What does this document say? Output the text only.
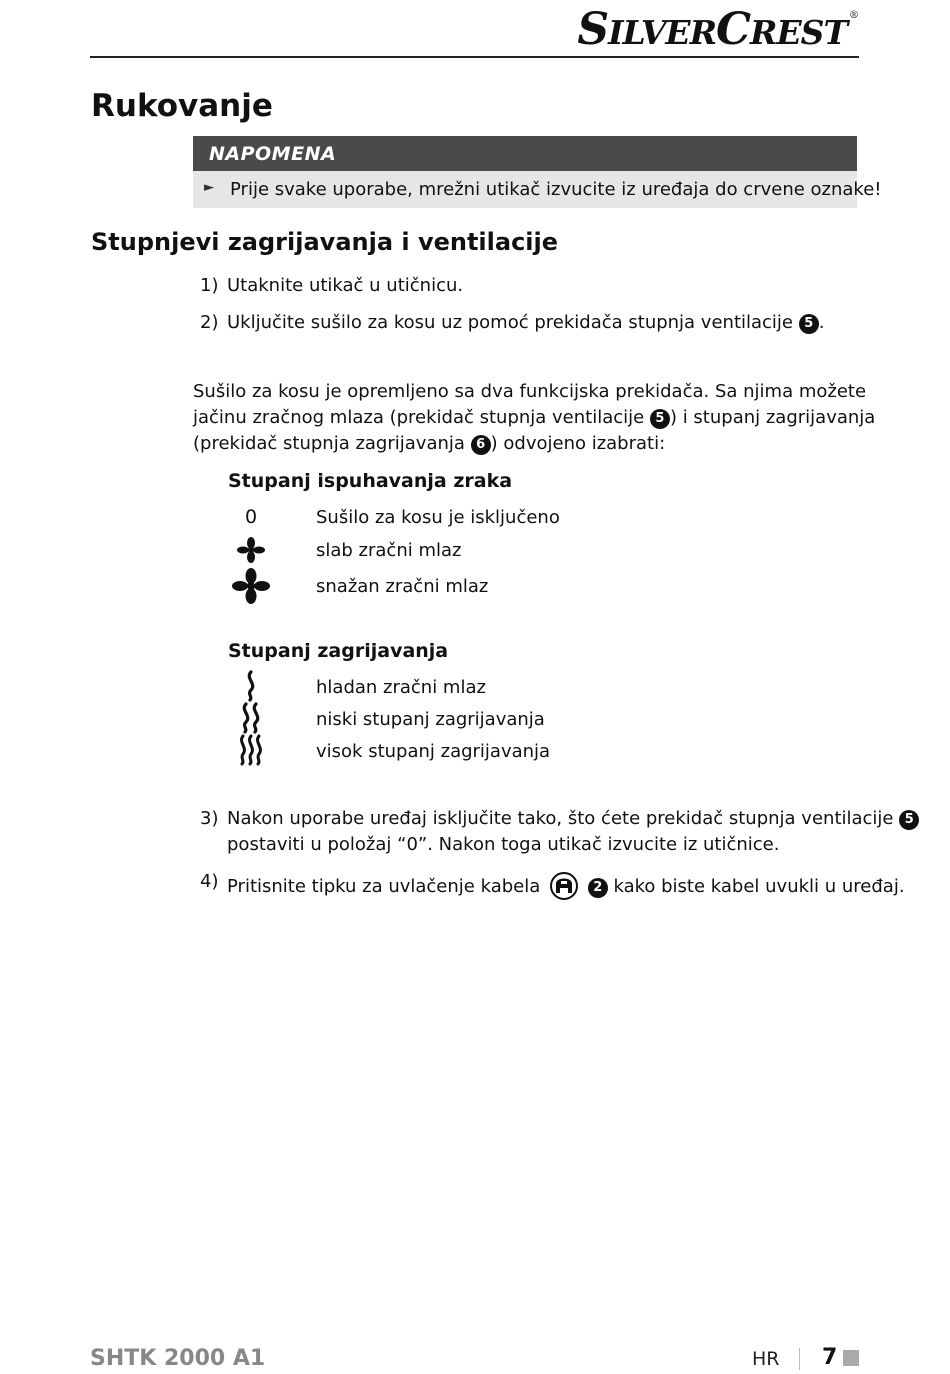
SILVERCREST ®
Rukovanje
NAPOMENA
► Prije svake uporabe, mrežni utikač izvucite iz uređaja do crvene oznake!
Stupnjevi zagrijavanja i ventilacije
1) Utaknite utikač u utičnicu.
2) Uključite sušilo za kosu uz pomoć prekidača stupnja ventilacije 5 .

Sušilo za kosu je opremljeno sa dva funkcijska prekidača. Sa njima možete

jačinu zračnog mlaza (prekidač stupnja ventilacije 5 ) i stupanj zagrijavanja

(prekidač stupnja zagrijavanja 6 ) odvojeno izabrati:

Stupanj ispuhavanja zraka
0	Sušilo za kosu je isključeno
slab zračni mlaz
snažan zračni mlaz
Stupanj zagrijavanja
hladan zračni mlaz
niski stupanj zagrijavanja
visok stupanj zagrijavanja
3) Nakon uporabe uređaj isključite tako, što ćete prekidač stupnja ventilacije 5
postaviti u položaj “0”. Nakon toga utikač izvucite iz utičnice.
4) Pritisnite tipku za uvlačenje kabela	2 kako biste kabel uvukli u uređaj.
SHTK 2000 A1	HR 7
